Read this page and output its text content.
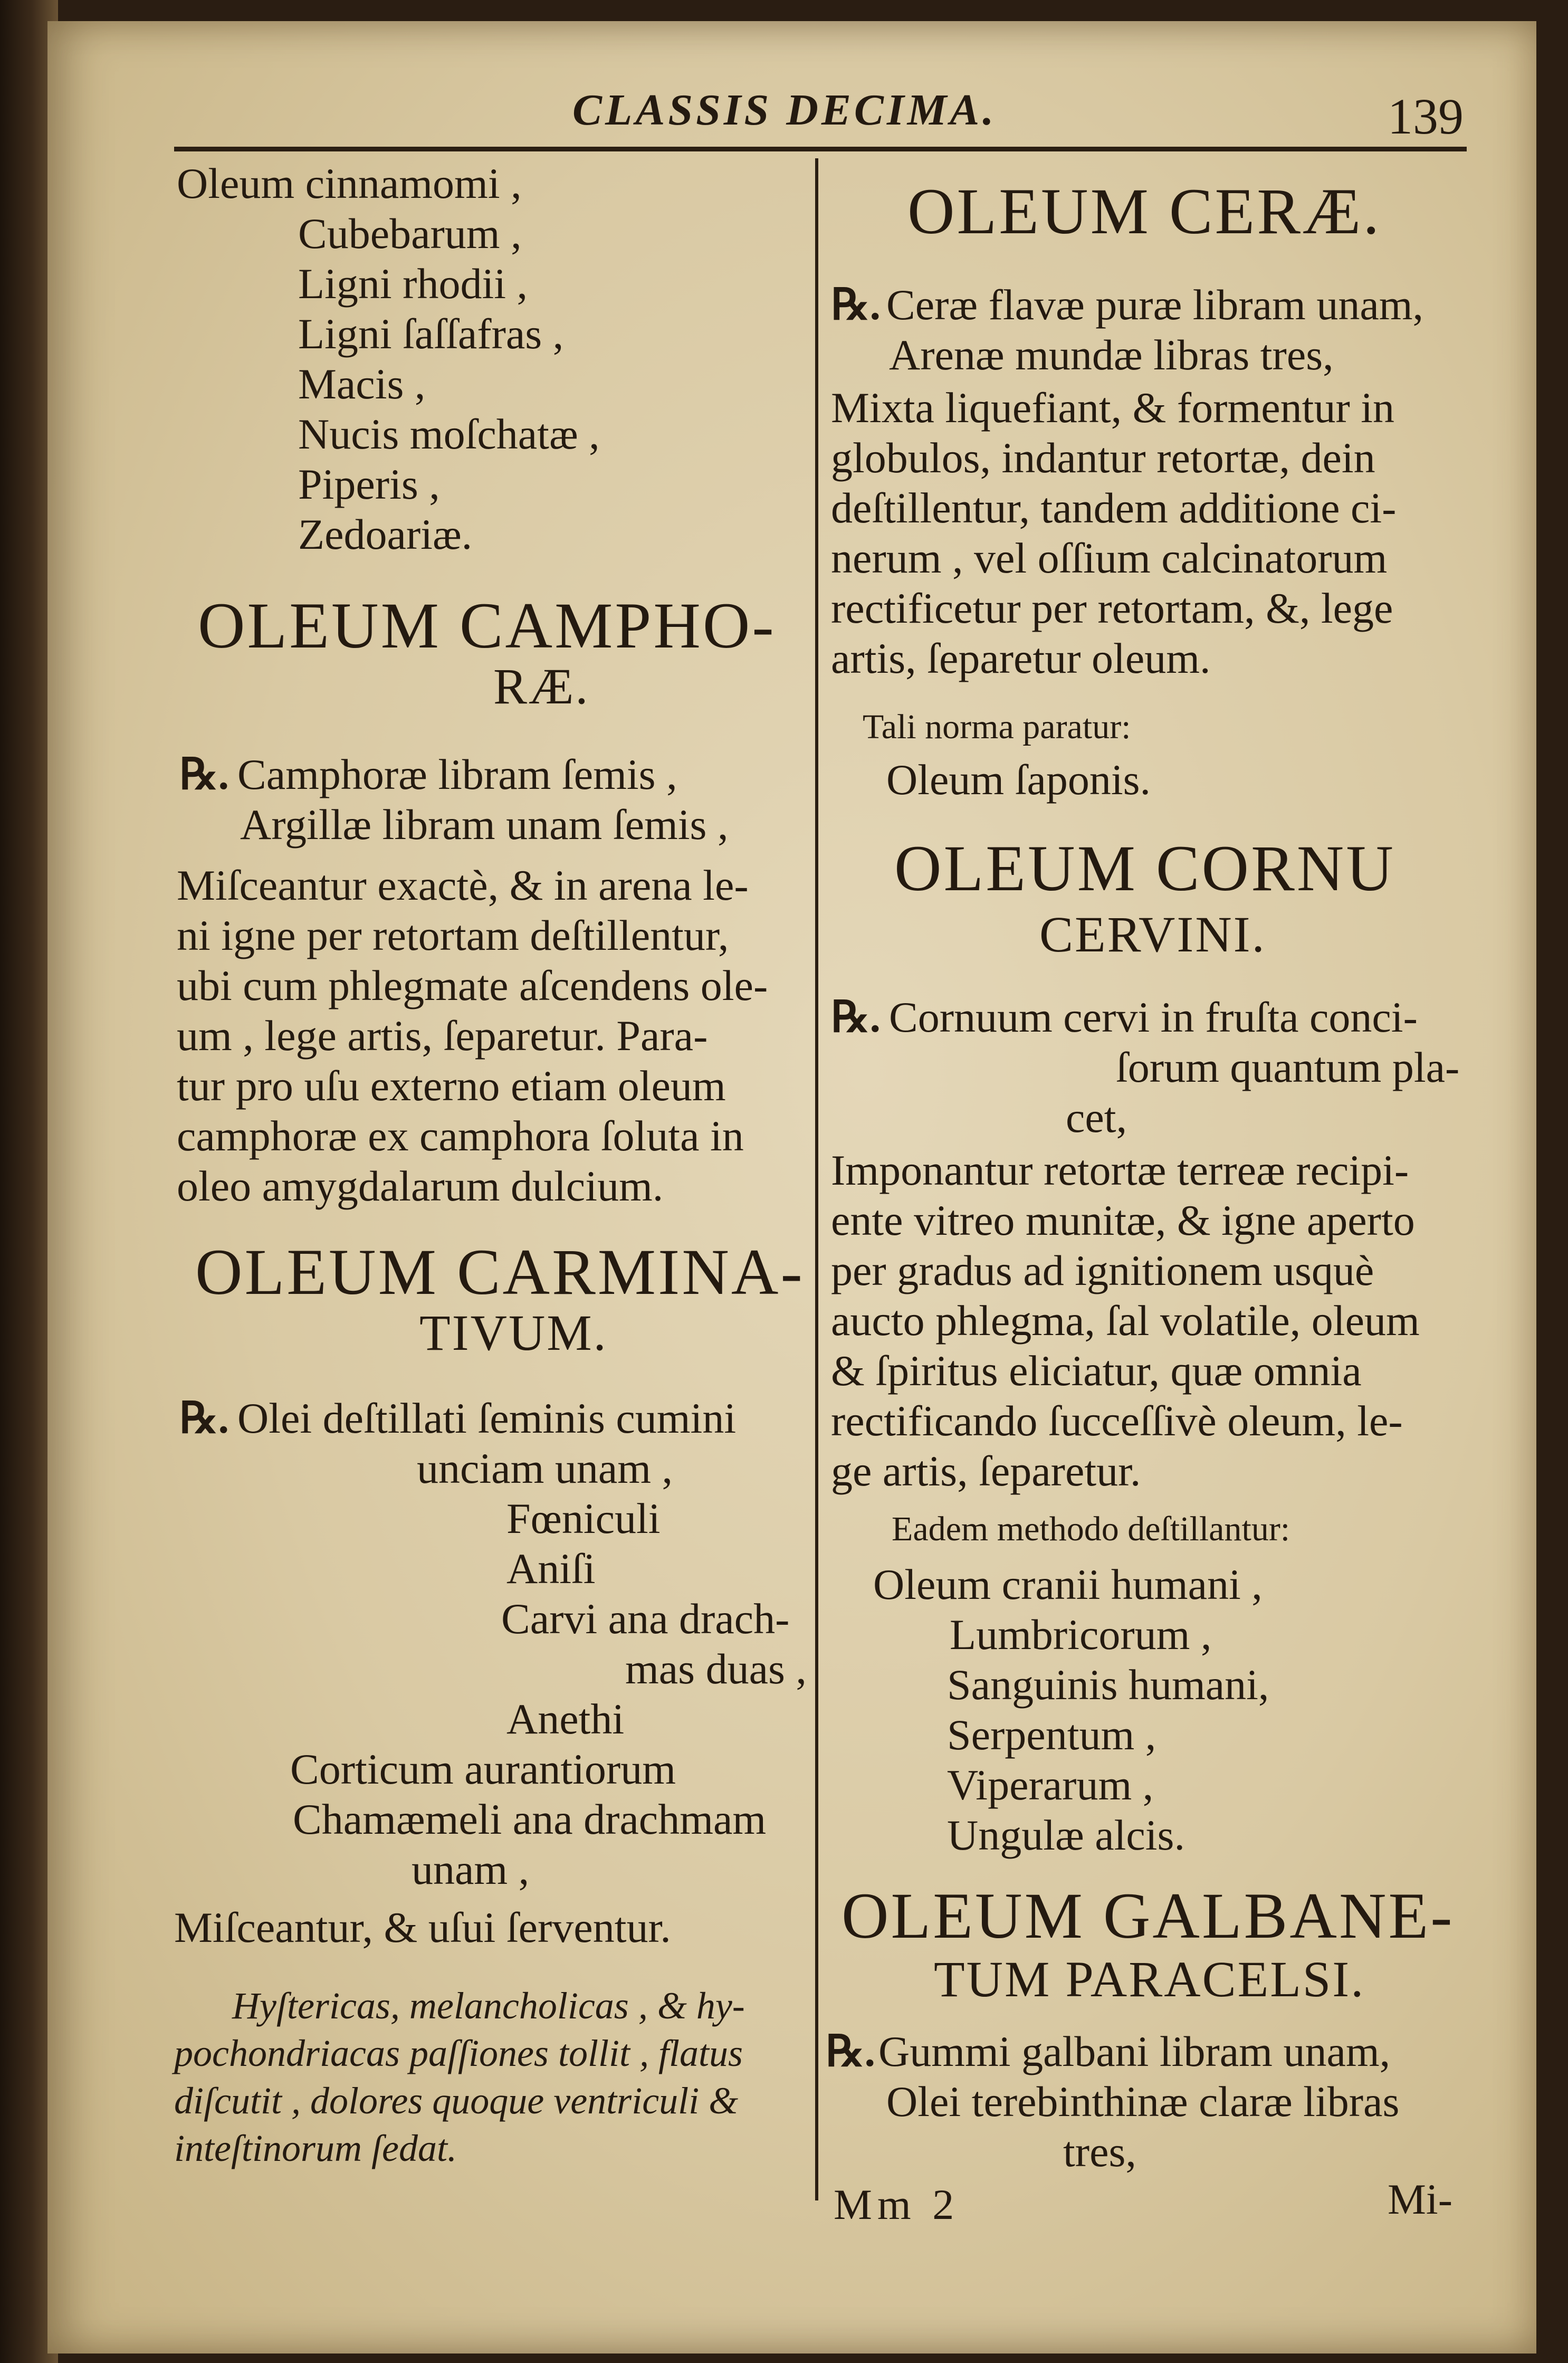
CLASSIS DECIMA.	139
Oleum cinnamomi ,
Cubebarum ,
Ligni rhodii ,
Ligni ſaſſafras ,
Macis ,
Nucis moſchatæ ,
Piperis ,
Zedoariæ.
OLEUM CAMPHO-
RÆ.
℞. Camphoræ libram ſemis ,
Argillæ libram unam ſemis ,
Miſceantur exactè, & in arena le-
ni igne per retortam deſtillentur,
ubi cum phlegmate aſcendens ole-
um , lege artis, ſeparetur. Para-
tur pro uſu externo etiam oleum
camphoræ ex camphora ſoluta in
oleo amygdalarum dulcium.
OLEUM CARMINA-
TIVUM.
℞. Olei deſtillati ſeminis cumini
unciam unam ,
Fœniculi
Aniſi
Carvi ana drach-
mas duas ,
Anethi
Corticum aurantiorum
Chamæmeli ana drachmam
unam ,
Miſceantur, & uſui ſerventur.
Hyſtericas, melancholicas , & hy-
pochondriacas paſſiones tollit , flatus
diſcutit , dolores quoque ventriculi &
inteſtinorum ſedat.
OLEUM CERÆ.
℞. Ceræ flavæ puræ libram unam,
Arenæ mundæ libras tres,
Mixta liquefiant, & formentur in
globulos, indantur retortæ, dein
deſtillentur, tandem additione ci-
nerum , vel oſſium calcinatorum
rectificetur per retortam, &, lege
artis, ſeparetur oleum.
Tali norma paratur:
Oleum ſaponis.
OLEUM CORNU
CERVINI.
℞. Cornuum cervi in fruſta conci-
ſorum quantum pla-
cet,
Imponantur retortæ terreæ recipi-
ente vitreo munitæ, & igne aperto
per gradus ad ignitionem usquè
aucto phlegma, ſal volatile, oleum
& ſpiritus eliciatur, quæ omnia
rectificando ſucceſſivè oleum, le-
ge artis, ſeparetur.
Eadem methodo deſtillantur:
Oleum cranii humani ,
Lumbricorum ,
Sanguinis humani,
Serpentum ,
Viperarum ,
Ungulæ alcis.
OLEUM GALBANE-
TUM PARACELSI.
℞. Gummi galbani libram unam,
Olei terebinthinæ claræ libras
tres,
Mm 2	Mi-
